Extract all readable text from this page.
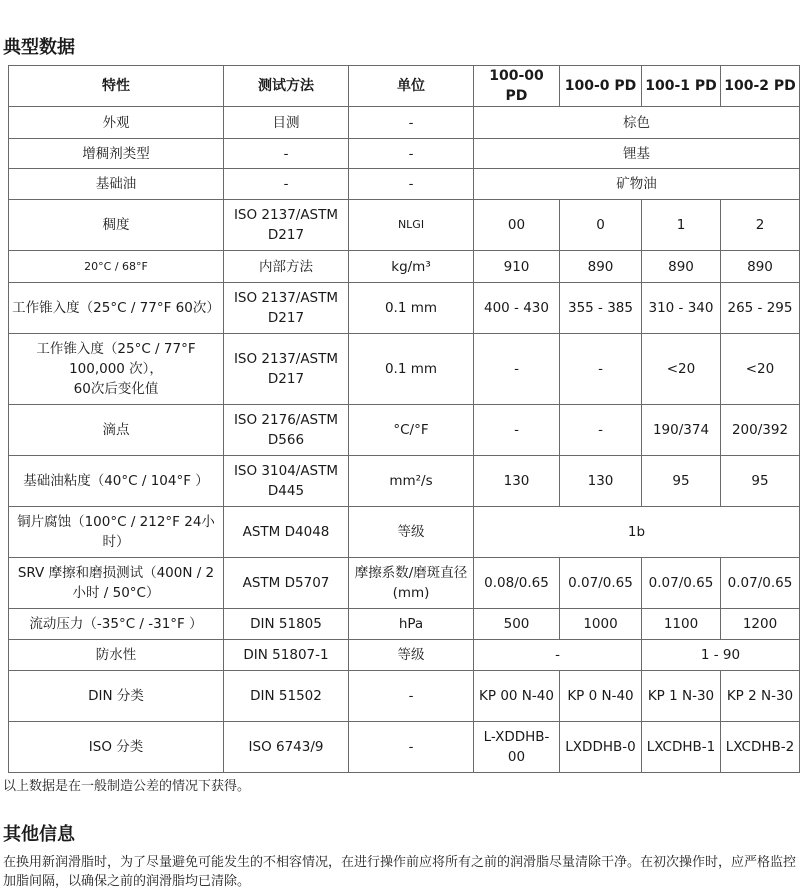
典型数据
特性	测试方法	单位	100-00 PD	100-0 PD	100-1 PD	100-2 PD
外观	目测	-	棕色			
增稠剂类型	-	-	锂基			
基础油	-	-	矿物油			
稠度	ISO 2137/ASTM D217	NLGI	00	0	1	2
20°C / 68°F	内部方法	kg/m³	910	890	890	890
工作锥入度（25°C / 77°F 60次）	ISO 2137/ASTM D217	0.1 mm	400 - 430	355 - 385	310 - 340	265 - 295

工作锥入度（25°C / 77°F
100,000 次），
60次后变化值	ISO 2137/ASTM D217	0.1 mm	-	-	<20	<20
滴点	ISO 2176/ASTM D566	°C/°F	-	-	190/374	200/392
基础油粘度（40°C / 104°F ）	ISO 3104/ASTM D445	mm²/s	130	130	95	95
铜片腐蚀（100°C / 212°F 24小时）	ASTM D4048	等级	1b			
SRV 摩擦和磨损测试（400N / 2 小时 / 50°C）	ASTM D5707	摩擦系数/磨斑直径 (mm)	0.08/0.65	0.07/0.65	0.07/0.65	0.07/0.65
流动压力（-35°C / -31°F ）	DIN 51805	hPa	500	1000	1100	1200
防水性	DIN 51807-1	等级	-		1 - 90	
DIN 分类	DIN 51502	-	KP 00 N-40	KP 0 N-40	KP 1 N-30	KP 2 N-30
ISO 分类	ISO 6743/9	-	L-XDDHB-00	LXDDHB-0	LXCDHB-1	LXCDHB-2
以上数据是在一般制造公差的情况下获得。
其他信息
在换用新润滑脂时，为了尽量避免可能发生的不相容情况，在进行操作前应将所有之前的润滑脂尽量清除干净。在初次操作时，应严格监控加脂间隔，以确保之前的润滑脂均已清除。
